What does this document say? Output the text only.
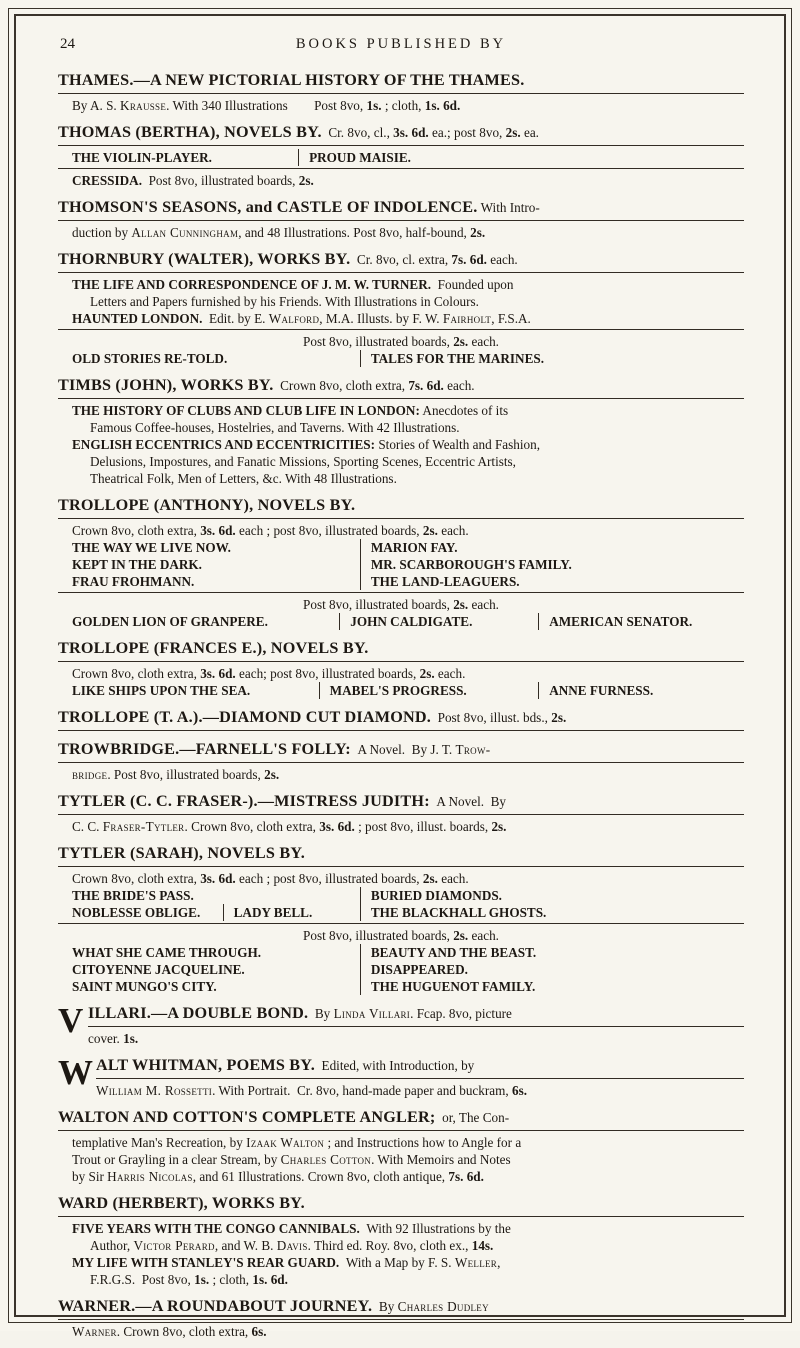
24	BOOKS PUBLISHED BY
THAMES.—A NEW PICTORIAL HISTORY OF THE THAMES.
By A. S. Krausse. With 340 Illustrations  Post 8vo, 1s. ; cloth, 1s. 6d.
THOMAS (BERTHA), NOVELS BY. Cr. 8vo, cl., 3s. 6d. ea.; post 8vo, 2s. ea.
THE VIOLIN-PLAYER.	PROUD MAISIE.
CRESSIDA. Post 8vo, illustrated boards, 2s.
THOMSON'S SEASONS, and CASTLE OF INDOLENCE. With Intro-
duction by Allan Cunningham, and 48 Illustrations. Post 8vo, half-bound, 2s.
THORNBURY (WALTER), WORKS BY. Cr. 8vo, cl. extra, 7s. 6d. each.
THE LIFE AND CORRESPONDENCE OF J. M. W. TURNER. Founded upon
Letters and Papers furnished by his Friends. With Illustrations in Colours.
HAUNTED LONDON. Edit. by E. Walford, M.A. Illusts. by F. W. Fairholt, F.S.A.
Post 8vo, illustrated boards, 2s. each.
OLD STORIES RE-TOLD.	TALES FOR THE MARINES.
TIMBS (JOHN), WORKS BY. Crown 8vo, cloth extra, 7s. 6d. each.
THE HISTORY OF CLUBS AND CLUB LIFE IN LONDON: Anecdotes of its
Famous Coffee-houses, Hostelries, and Taverns. With 42 Illustrations.
ENGLISH ECCENTRICS AND ECCENTRICITIES: Stories of Wealth and Fashion,
Delusions, Impostures, and Fanatic Missions, Sporting Scenes, Eccentric Artists,
Theatrical Folk, Men of Letters, &c. With 48 Illustrations.
TROLLOPE (ANTHONY), NOVELS BY.
Crown 8vo, cloth extra, 3s. 6d. each ; post 8vo, illustrated boards, 2s. each.
THE WAY WE LIVE NOW.	MARION FAY.
KEPT IN THE DARK.	MR. SCARBOROUGH'S FAMILY.
FRAU FROHMANN.	THE LAND-LEAGUERS.
Post 8vo, illustrated boards, 2s. each.
GOLDEN LION OF GRANPERE.	JOHN CALDIGATE.	AMERICAN SENATOR.
TROLLOPE (FRANCES E.), NOVELS BY.
Crown 8vo, cloth extra, 3s. 6d. each; post 8vo, illustrated boards, 2s. each.
LIKE SHIPS UPON THE SEA.	MABEL'S PROGRESS.	ANNE FURNESS.
TROLLOPE (T. A.).—DIAMOND CUT DIAMOND. Post 8vo, illust. bds., 2s.
TROWBRIDGE.—FARNELL'S FOLLY: A Novel. By J. T. Trow-
bridge. Post 8vo, illustrated boards, 2s.
TYTLER (C. C. FRASER-).—MISTRESS JUDITH: A Novel. By
C. C. Fraser-Tytler. Crown 8vo, cloth extra, 3s. 6d. ; post 8vo, illust. boards, 2s.
TYTLER (SARAH), NOVELS BY.
Crown 8vo, cloth extra, 3s. 6d. each ; post 8vo, illustrated boards, 2s. each.
THE BRIDE'S PASS.	BURIED DIAMONDS.
NOBLESSE OBLIGE.	LADY BELL.	THE BLACKHALL GHOSTS.
Post 8vo, illustrated boards, 2s. each.
WHAT SHE CAME THROUGH.	BEAUTY AND THE BEAST.
CITOYENNE JACQUELINE.	DISAPPEARED.
SAINT MUNGO'S CITY.	THE HUGUENOT FAMILY.
V ILLARI.—A DOUBLE BOND. By Linda Villari. Fcap. 8vo, picture
cover. 1s.
W ALT WHITMAN, POEMS BY. Edited, with Introduction, by
William M. Rossetti. With Portrait. Cr. 8vo, hand-made paper and buckram, 6s.
WALTON AND COTTON'S COMPLETE ANGLER; or, The Con-
templative Man's Recreation, by Izaak Walton ; and Instructions how to Angle for a
Trout or Grayling in a clear Stream, by Charles Cotton. With Memoirs and Notes
by Sir Harris Nicolas, and 61 Illustrations. Crown 8vo, cloth antique, 7s. 6d.
WARD (HERBERT), WORKS BY.
FIVE YEARS WITH THE CONGO CANNIBALS. With 92 Illustrations by the
Author, Victor Perard, and W. B. Davis. Third ed. Roy. 8vo, cloth ex., 14s.
MY LIFE WITH STANLEY'S REAR GUARD. With a Map by F. S. Weller,
F.R.G.S. Post 8vo, 1s. ; cloth, 1s. 6d.
WARNER.—A ROUNDABOUT JOURNEY. By Charles Dudley
Warner. Crown 8vo, cloth extra, 6s.
